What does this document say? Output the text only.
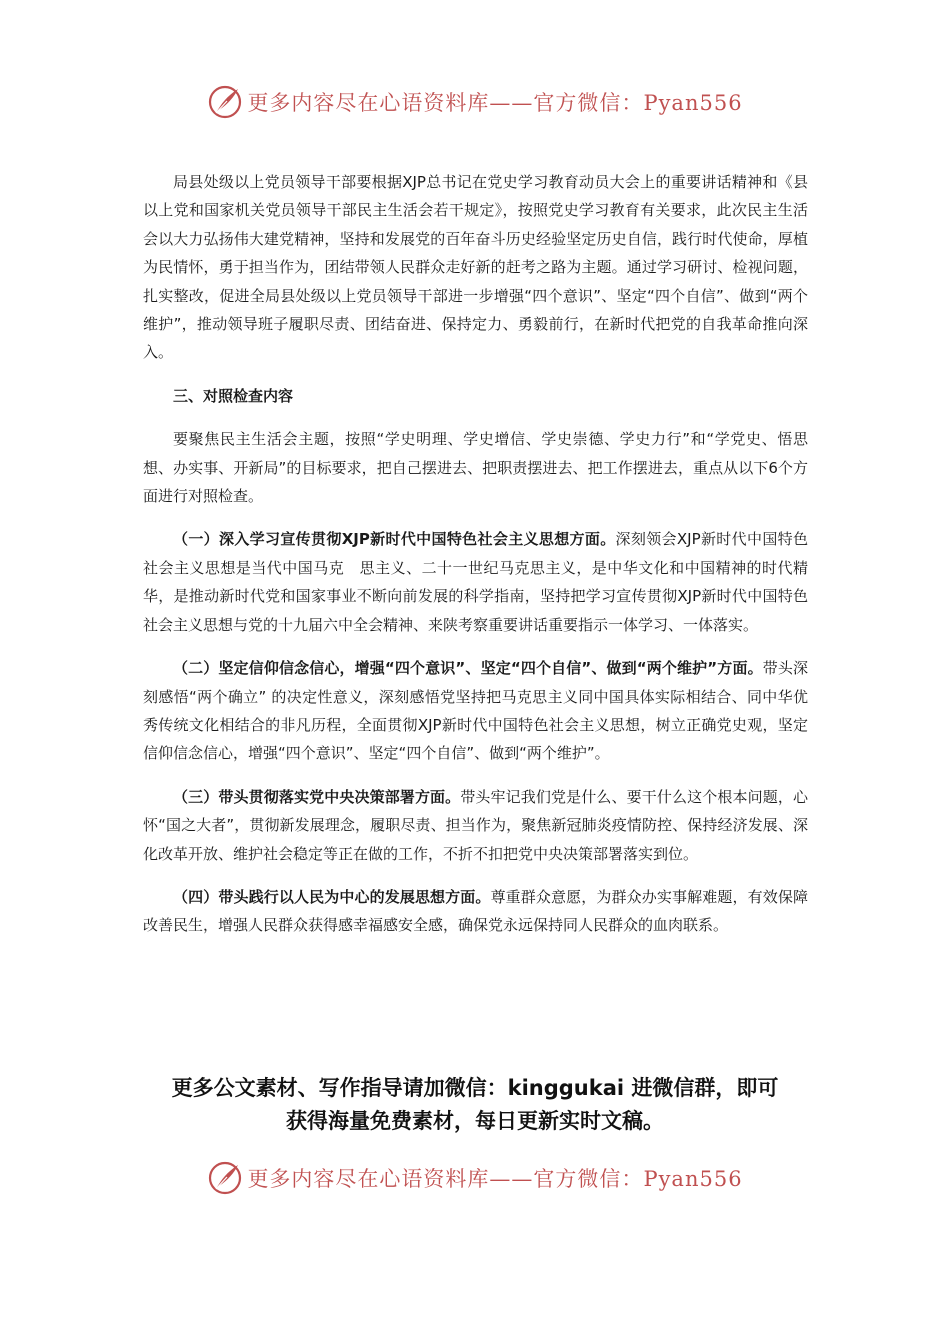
更多内容尽在心语资料库——官方微信：Pyan556

局县处级以上党员领导干部要根据XJP总书记在党史学习教育动员大会上的重要讲话精神和《县以上党和国家机关党员领导干部民主生活会若干规定》，按照党史学习教育有关要求，此次民主生活会以大力弘扬伟大建党精神，坚持和发展党的百年奋斗历史经验坚定历史自信，践行时代使命，厚植为民情怀，勇于担当作为，团结带领人民群众走好新的赶考之路为主题。通过学习研讨、检视问题，扎实整改，促进全局县处级以上党员领导干部进一步增强“四个意识”、坚定“四个自信”、做到“两个维护”，推动领导班子履职尽责、团结奋进、保持定力、勇毅前行，在新时代把党的自我革命推向深入。

三、对照检查内容

要聚焦民主生活会主题，按照“学史明理、学史增信、学史崇德、学史力行”和“学党史、悟思想、办实事、开新局”的目标要求，把自己摆进去、把职责摆进去、把工作摆进去，重点从以下6个方面进行对照检查。

（一）深入学习宣传贯彻XJP新时代中国特色社会主义思想方面。深刻领会XJP新时代中国特色社会主义思想是当代中国马克　思主义、二十一世纪马克思主义，是中华文化和中国精神的时代精华，是推动新时代党和国家事业不断向前发展的科学指南，坚持把学习宣传贯彻XJP新时代中国特色社会主义思想与党的十九届六中全会精神、来陕考察重要讲话重要指示一体学习、一体落实。

（二）坚定信仰信念信心，增强“四个意识”、坚定“四个自信”、做到“两个维护”方面。带头深刻感悟“两个确立” 的决定性意义，深刻感悟党坚持把马克思主义同中国具体实际相结合、同中华优秀传统文化相结合的非凡历程，全面贯彻XJP新时代中国特色社会主义思想，树立正确党史观，坚定信仰信念信心，增强“四个意识”、坚定“四个自信”、做到“两个维护”。

（三）带头贯彻落实党中央决策部署方面。带头牢记我们党是什么、要干什么这个根本问题，心怀“国之大者”，贯彻新发展理念，履职尽责、担当作为，聚焦新冠肺炎疫情防控、保持经济发展、深化改革开放、维护社会稳定等正在做的工作，不折不扣把党中央决策部署落实到位。

（四）带头践行以人民为中心的发展思想方面。尊重群众意愿，为群众办实事解难题，有效保障改善民生，增强人民群众获得感幸福感安全感，确保党永远保持同人民群众的血肉联系。

更多公文素材、写作指导请加微信：kinggukai 进微信群，即可
获得海量免费素材，每日更新实时文稿。
更多内容尽在心语资料库——官方微信：Pyan556
